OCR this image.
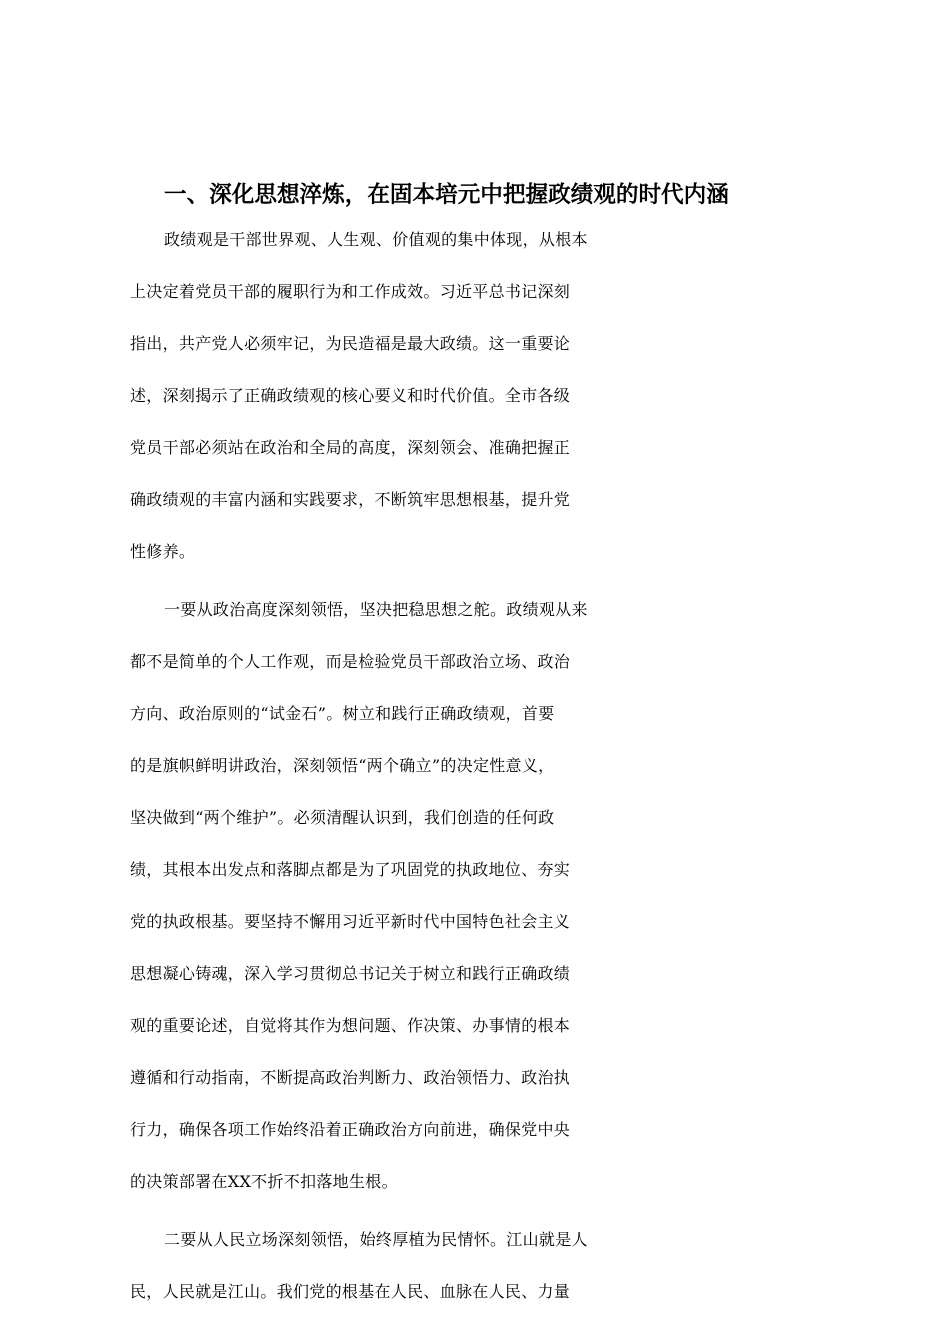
一、深化思想淬炼，在固本培元中把握政绩观的时代内涵
政绩观是干部世界观、人生观、价值观的集中体现，从根本
上决定着党员干部的履职行为和工作成效。习近平总书记深刻
指出，共产党人必须牢记，为民造福是最大政绩。这一重要论
述，深刻揭示了正确政绩观的核心要义和时代价值。全市各级
党员干部必须站在政治和全局的高度，深刻领会、准确把握正
确政绩观的丰富内涵和实践要求，不断筑牢思想根基，提升党
性修养。
一要从政治高度深刻领悟，坚决把稳思想之舵。政绩观从来
都不是简单的个人工作观，而是检验党员干部政治立场、政治
方向、政治原则的“试金石”。树立和践行正确政绩观，首要
的是旗帜鲜明讲政治，深刻领悟“两个确立”的决定性意义，
坚决做到“两个维护”。必须清醒认识到，我们创造的任何政
绩，其根本出发点和落脚点都是为了巩固党的执政地位、夯实
党的执政根基。要坚持不懈用习近平新时代中国特色社会主义
思想凝心铸魂，深入学习贯彻总书记关于树立和践行正确政绩
观的重要论述，自觉将其作为想问题、作决策、办事情的根本
遵循和行动指南，不断提高政治判断力、政治领悟力、政治执
行力，确保各项工作始终沿着正确政治方向前进，确保党中央
的决策部署在XX不折不扣落地生根。
二要从人民立场深刻领悟，始终厚植为民情怀。江山就是人
民，人民就是江山。我们党的根基在人民、血脉在人民、力量
